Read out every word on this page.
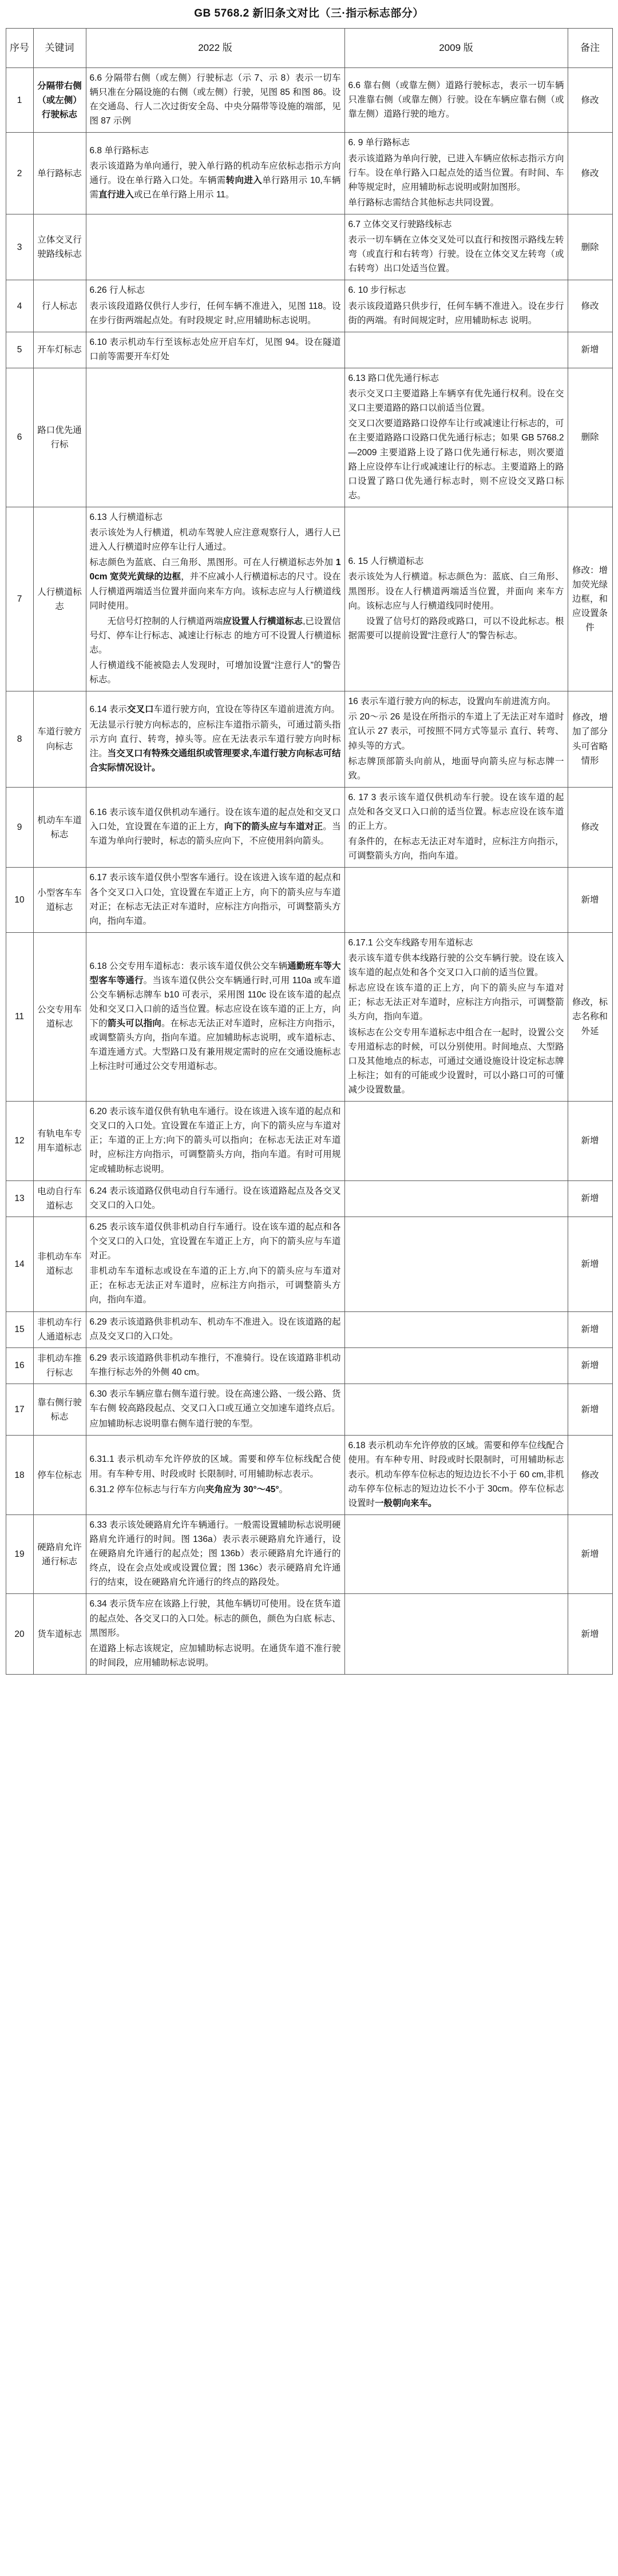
GB 5768.2 新旧条文对比（三·指示标志部分）
序号	关键词	2022 版	2009 版	备注
1	分隔带右侧（或左侧）行驶标志	6.6 分隔带右侧（或左侧）行驶标志（示 7、示 8）表示一切车辆只准在分隔设施的右侧（或左侧）行驶，见图 85 和图 86。设在交通岛、行人二次过街安全岛、中央分隔带等设施的端部，见图 87 示例	6.6 靠右侧（或靠左侧）道路行驶标志，表示一切车辆只准靠右侧（或靠左侧）行驶。设在车辆应靠右侧（或靠左侧）道路行驶的地方。	修改
2	单行路标志	
6.8 单行路标志
表示该道路为单向通行，驶入单行路的机动车应依标志指示方向通行。设在单行路入口处。车辆需转向进入单行路用示 10,车辆需直行进入或已在单行路上用示 11。

6. 9 单行路标志
表示该道路为单向行驶，已进入车辆应依标志指示方向行车。设在单行路入口起点处的适当位置。有时间、车种等规定时，应用辅助标志说明或附加图形。
单行路标志需结合其他标志共同设置。
	修改
3	立体交叉行驶路线标志		6.7 立体交叉行驶路线标志
表示一切车辆在立体交叉处可以直行和按图示路线左转弯（或直行和右转弯）行驶。设在立体交叉左转弯（或右转弯）出口处适当位置。	删除
4	行人标志	
6.26 行人标志
表示该段道路仅供行人步行，任何车辆不准进入，见图 118。设在步行街两端起点处。有时段规定 时,应用辅助标志说明。

6. 10 步行标志
表示该段道路只供步行，任何车辆不准进入。设在步行街的两端。有时间规定时，应用辅助标志 说明。
	修改
5	开车灯标志	6.10 表示机动车行至该标志处应开启车灯，见图 94。设在隧道口前等需要开车灯处		新增
6	路口优先通行标		6.13 路口优先通行标志
表示交叉口主要道路上车辆享有优先通行权利。设在交叉口主要道路的路口以前适当位置。
交叉口次要道路路口设停车让行或减速让行标志的，可在主要道路路口设路口优先通行标志；如果 GB 5768.2—2009 主要道路上设了路口优先通行标志，则次要道路上应设停车让行或减速让行的标志。主要道路上的路口设置了路口优先通行标志时，则不应设交叉路口标志。	删除
7	人行横道标志	
6.13 人行横道标志
表示该处为人行横道，机动车驾驶人应注意观察行人，遇行人已进入人行横道时应停车让行人通过。
标志颜色为蓝底、白三角形、黑图形。可在人行横道标志外加 10cm 宽荧光黄绿的边框，并不应减小人行横道标志的尺寸。设在人行横道两端适当位置并面向来车方向。该标志应与人行横道线同时使用。
　　无信号灯控制的人行横道两端应设置人行横道标志,已设置信号灯、停车让行标志、减速让行标志 的地方可不设置人行横道标志。
人行横道线不能被隐去人发现时，可增加设置“注意行人”的警告标志。

6. 15 人行横道标志
表示该处为人行横道。标志颜色为：蓝底、白三角形、黑图形。设在人行横道两端适当位置，并面向 来车方向。该标志应与人行横道线同时使用。
　　设置了信号灯的路段或路口，可以不设此标志。根据需要可以提前设置“注意行人”的警告标志。
	修改：增加荧光绿边框，和应设置条件
8	车道行驶方向标志	
6.14 表示交叉口车道行驶方向，宜设在等待区车道前进流方向。
无法显示行驶方向标志的，应标注车道指示箭头，可通过箭头指示方向 直行、转弯，掉头等。应在无法表示车道行驶方向时标注。当交叉口有特殊交通组织或管理要求,车道行驶方向标志可结合实际情况设计。

16 表示车道行驶方向的标志，设置向车前进流方向。
示 20～示 26 是设在所指示的车道上了无法正对车道时宜认示 27 表示，可按照不同方式等显示 直行、转弯、掉头等的方式。
标志牌顶部箭头向前从，地面导向箭头应与标志牌一致。
	修改，增加了部分头可省略情形
9	机动车车道标志	6.16 表示该车道仅供机动车通行。设在该车道的起点处和交叉口入口处，宜设置在车道的正上方，向下的箭头应与车道对正。当车道为单向行驶时，标志的箭头应向下，不应使用斜向箭头。	6. 17 3 表示该车道仅供机动车行驶。设在该车道的起点处和各交叉口入口前的适当位置。标志应设在该车道的正上方。
有条件的，在标志无法正对车道时，应标注方向指示，可调整箭头方向，指向车道。	修改
10	小型客车车道标志	6.17 表示该车道仅供小型客车通行。设在该进入该车道的起点和各个交叉口入口处，宜设置在车道正上方，向下的箭头应与车道对正；在标志无法正对车道时，应标注方向指示，可调整箭头方向，指向车道。		新增
11	公交专用车道标志	
6.18 公交专用车道标志：表示该车道仅供公交车辆通勤班车等大型客车等通行。当该车道仅供公交车辆通行时,可用 110a 或车道公交车辆标志牌车 b10 可表示，采用图 110c 设在该车道的起点处和交叉口入口前的适当位置。标志应设在该车道的正上方，向下的箭头可以指向。在标志无法正对车道时，应标注方向指示，或调整箭头方向，指向车道。应加辅助标志说明，或车道标志、车道连通方式。大型路口及有兼用规定需时的应在交通设施标志上标注时可通过公交专用道标志。

6.17.1 公交车线路专用车道标志
表示该车道专供本线路行驶的公交车辆行驶。设在该入该车道的起点处和各个交叉口入口前的适当位置。
标志应设在该车道的正上方，向下的箭头应与车道对正；标志无法正对车道时，应标注方向指示，可调整箭头方向，指向车道。
该标志在公交专用车道标志中组合在一起时，设置公交专用道标志的时候，可以分别使用。时间地点、大型路口及其他地点的标志，可通过交通设施设计设定标志牌上标注；如有的可能或少设置时，可以小路口可的可懂减少设置数量。
	修改，标志名称和外延
12	有轨电车专用车道标志	6.20 表示该车道仅供有轨电车通行。设在该进入该车道的起点和交叉口的入口处。宜设置在车道正上方，向下的箭头应与车道对正；车道的正上方;向下的箭头可以指向；在标志无法正对车道时，应标注方向指示，可调整箭头方向，指向车道。有时可用规定或辅助标志说明。		新增
13	电动自行车道标志	6.24 表示该道路仅供电动自行车通行。设在该道路起点及各交叉交叉口的入口处。		新增
14	非机动车车道标志	6.25 表示该车道仅供非机动自行车通行。设在该车道的起点和各个交叉口的入口处，宜设置在车道正上方，向下的箭头应与车道对正。
非机动车车道标志或设在车道的正上方,向下的箭头应与车道对正；在标志无法正对车道时，应标注方向指示，可调整箭头方向，指向车道。		新增
15	非机动车行人通道标志	6.29 表示该道路供非机动车、机动车不准进入。设在该道路的起点及交叉口的入口处。		新增
16	非机动车推行标志	6.29 表示该道路供非机动车推行，不准骑行。设在该道路非机动车推行标志外的外侧 40 cm。		新增
17	靠右侧行驶标志	6.30 表示车辆应靠右侧车道行驶。设在高速公路、一级公路、货车右侧 较高路段起点、交叉口入口或互通立交加速车道终点后。
应加辅助标志说明靠右侧车道行驶的车型。		新增
18	停车位标志	6.31.1 表示机动车允许停放的区域。需要和停车位标线配合使用。有车种专用、时段或时 长限制时, 可用辅助标志表示。
6.31.2 停车位标志与行车方向夹角应为 30°～45°。	6.18 表示机动车允许停放的区域。需要和停车位线配合使用。有车种专用、时段或时长限制时，可用辅助标志表示。机动车停车位标志的短边边长不小于 60 cm,非机动车停车位标志的短边边长不小于 30cm。停车位标志设置时一般朝向来车。	修改
19	硬路肩允许通行标志	6.33 表示该处硬路肩允许车辆通行。一般需设置辅助标志说明硬路肩允许通行的时间。图 136a）表示表示硬路肩允许通行，设在硬路肩允许通行的起点处；图 136b）表示硬路肩允许通行的终点，设在会点处或或设置位置；图 136c）表示硬路肩允许通行的结束，设在硬路肩允许通行的终点的路段处。		新增
20	货车道标志	6.34 表示货车应在该路上行驶，其他车辆切可使用。设在货车道的起点处、各交叉口的入口处。标志的颜色，颜色为白底 标志、黑图形。
在道路上标志该规定，应加辅助标志说明。在通货车道不准行驶的时间段，应用辅助标志说明。		新增
